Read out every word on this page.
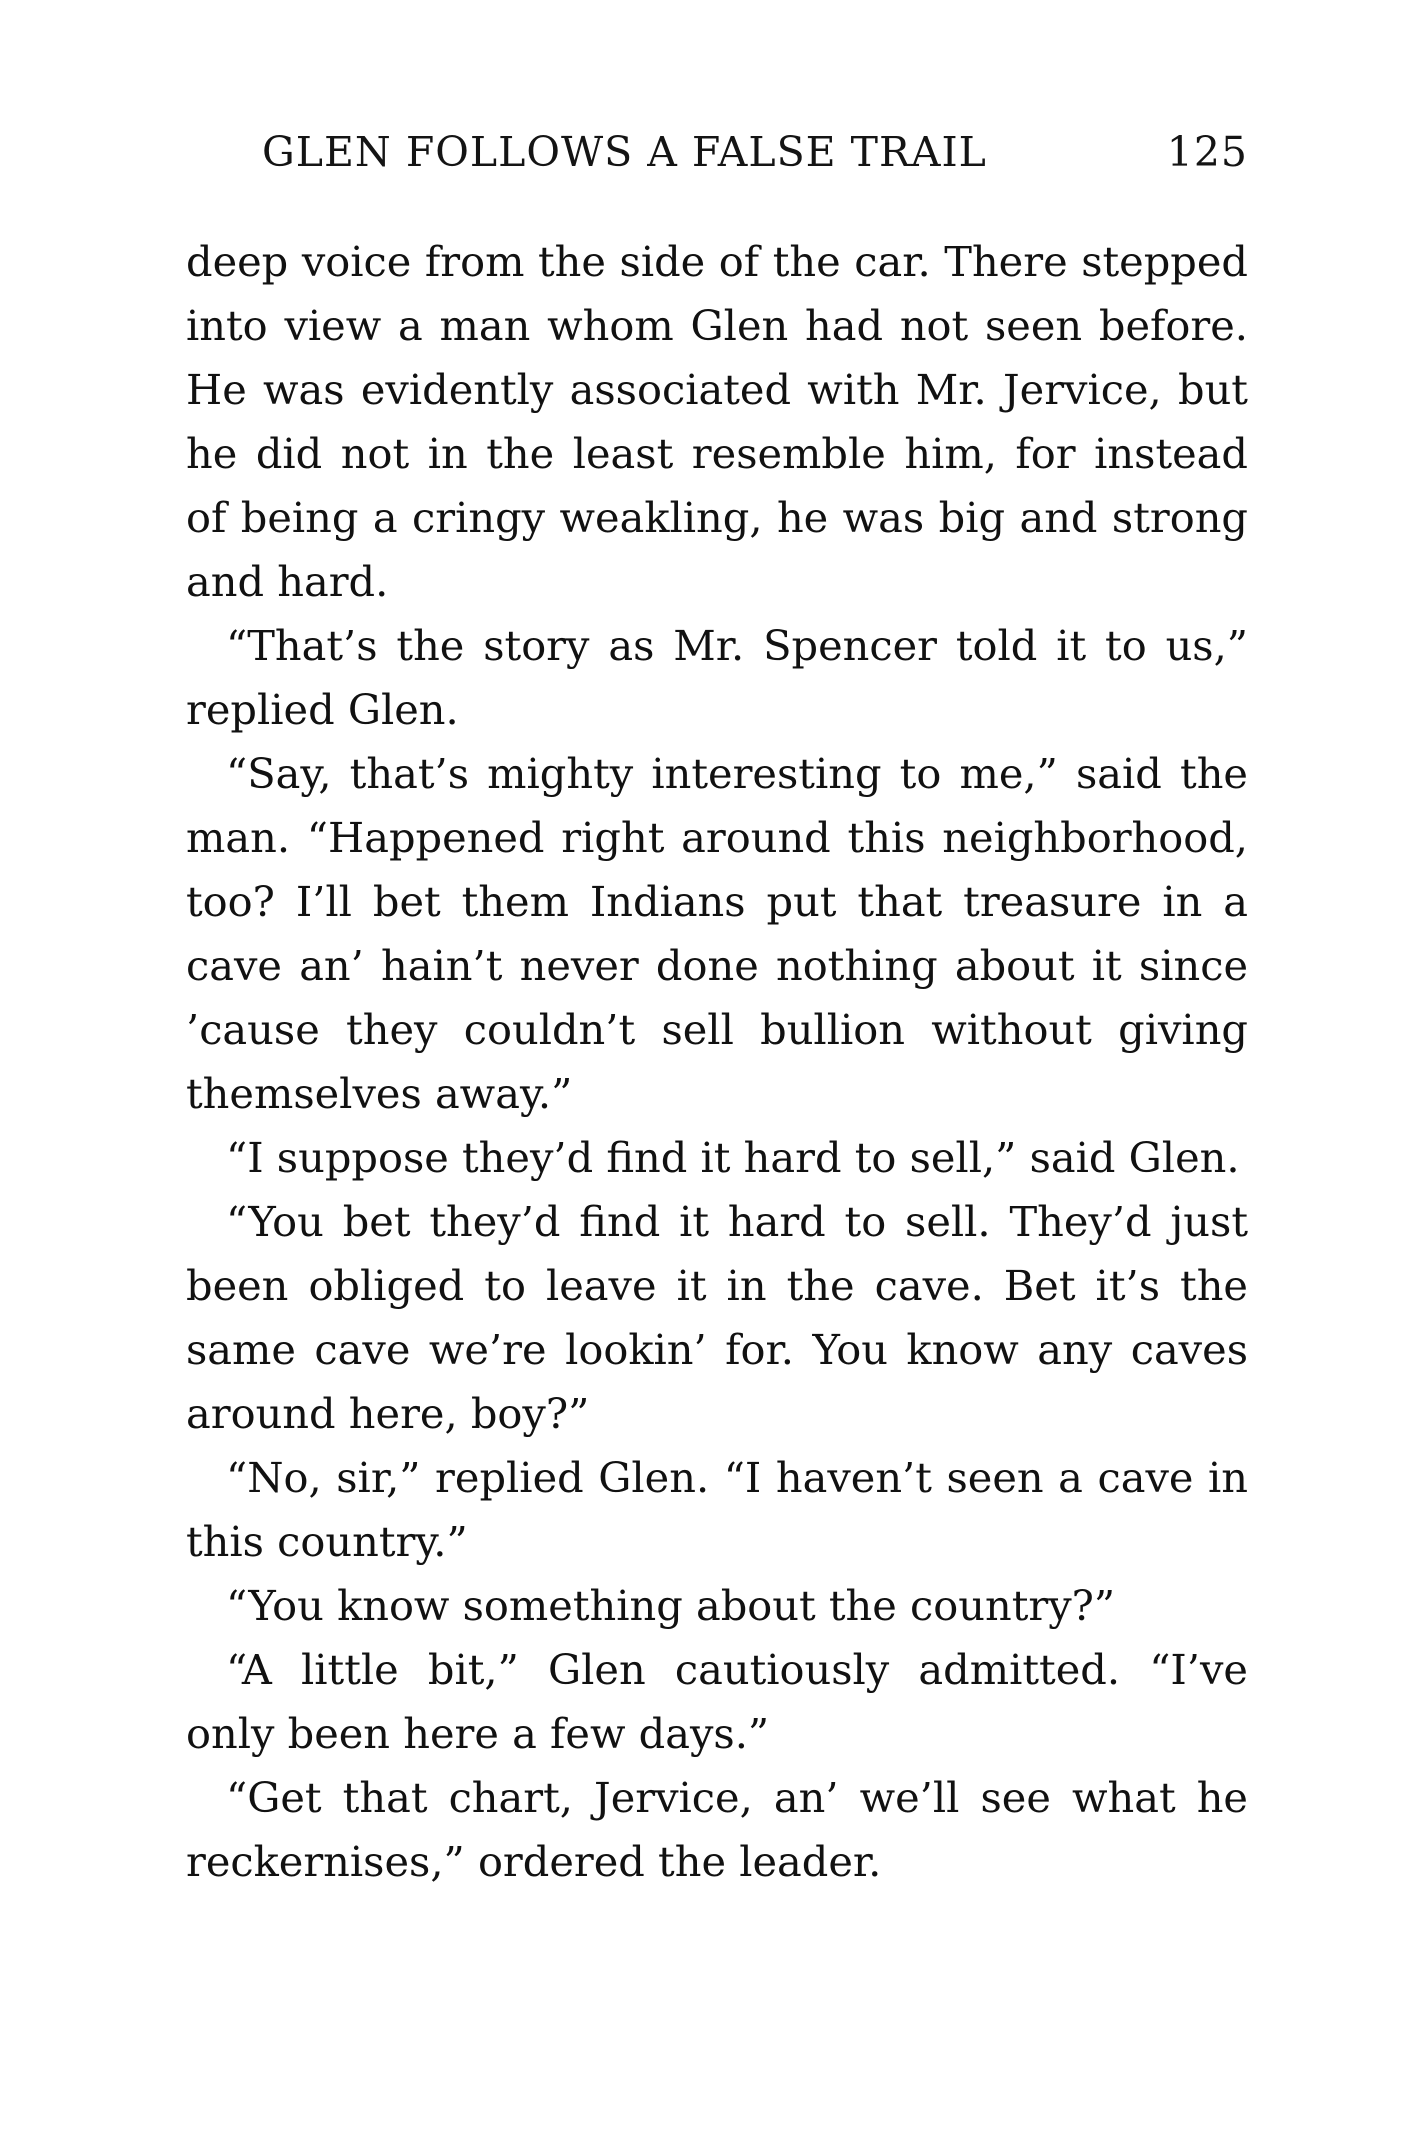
GLEN FOLLOWS A FALSE TRAIL	125

deep voice from the side of the car. There stepped into view a man whom Glen had not seen before. He was evidently associated with Mr. Jervice, but he did not in the least resemble him, for instead of being a cringy weakling, he was big and strong and hard.

“That’s the story as Mr. Spencer told it to us,” replied Glen.

“Say, that’s mighty interesting to me,” said the man. “Happened right around this neighborhood, too? I’ll bet them Indians put that treasure in a cave an’ hain’t never done nothing about it since ’cause they couldn’t sell bullion without giving themselves away.”

“I suppose they’d find it hard to sell,” said Glen.

“You bet they’d find it hard to sell. They’d just been obliged to leave it in the cave. Bet it’s the same cave we’re lookin’ for. You know any caves around here, boy?”

“No, sir,” replied Glen. “I haven’t seen a cave in this country.”

“You know something about the country?”

“A little bit,” Glen cautiously admitted. “I’ve only been here a few days.”

“Get that chart, Jervice, an’ we’ll see what he reckernises,” ordered the leader.
